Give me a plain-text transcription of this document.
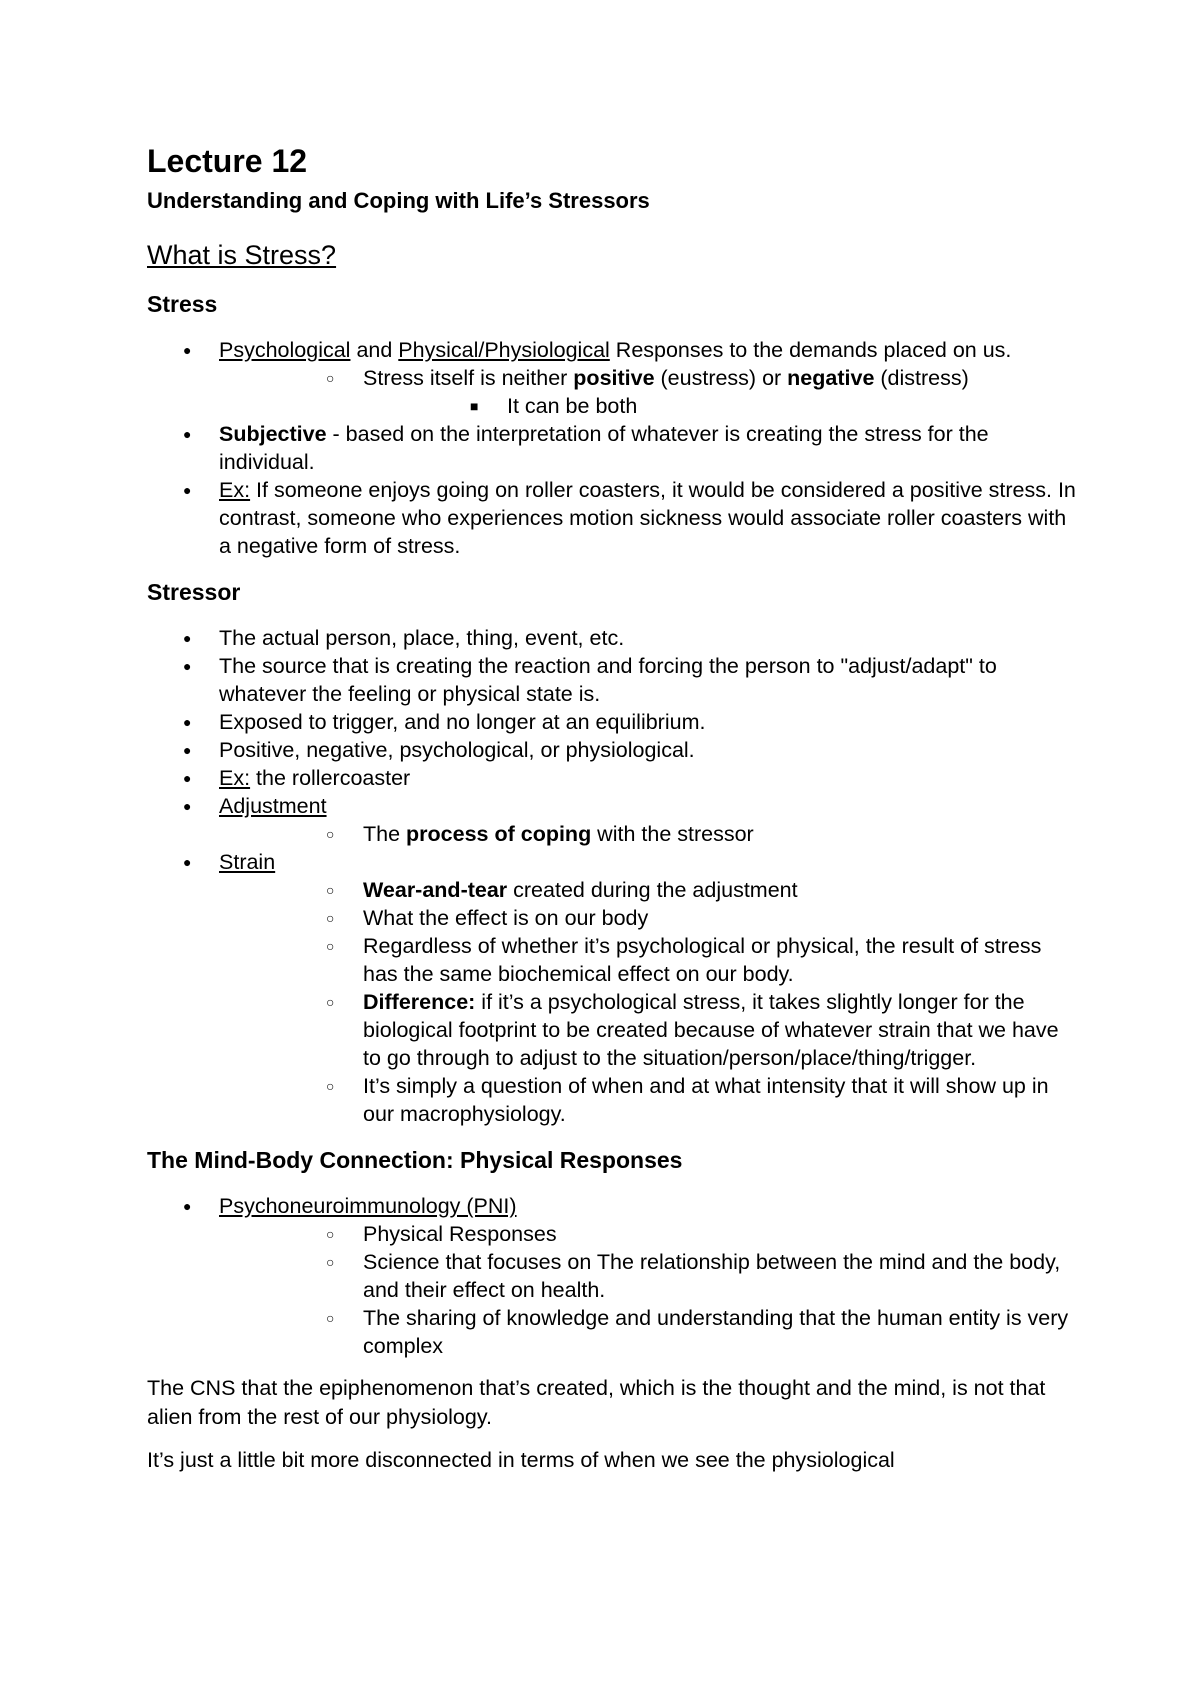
Lecture 12
Understanding and Coping with Life’s Stressors
What is Stress?
Stress
● Psychological and Physical/Physiological Responses to the demands placed on us.
○	Stress itself is neither positive (eustress) or negative (distress)
■	It can be both
● Subjective - based on the interpretation of whatever is creating the stress for the individual.
● Ex: If someone enjoys going on roller coasters, it would be considered a positive stress. In contrast, someone who experiences motion sickness would associate roller coasters with a negative form of stress.
Stressor
● The actual person, place, thing, event, etc.
● The source that is creating the reaction and forcing the person to "adjust/adapt" to whatever the feeling or physical state is.
● Exposed to trigger, and no longer at an equilibrium.
● Positive, negative, psychological, or physiological.
● Ex: the rollercoaster
● Adjustment
○	The process of coping with the stressor
● Strain
○	Wear-and-tear created during the adjustment
○	What the effect is on our body
○	Regardless of whether it’s psychological or physical, the result of stress has the same biochemical effect on our body.
○	Difference: if it’s a psychological stress, it takes slightly longer for the biological footprint to be created because of whatever strain that we have to go through to adjust to the situation/person/place/thing/trigger.
○	It’s simply a question of when and at what intensity that it will show up in our macrophysiology.
The Mind-Body Connection: Physical Responses
● Psychoneuroimmunology (PNI)
○	Physical Responses
○	Science that focuses on The relationship between the mind and the body, and their effect on health.
○	The sharing of knowledge and understanding that the human entity is very complex

The CNS that the epiphenomenon that’s created, which is the thought and the mind, is not that alien from the rest of our physiology.

It’s just a little bit more disconnected in terms of when we see the physiological
